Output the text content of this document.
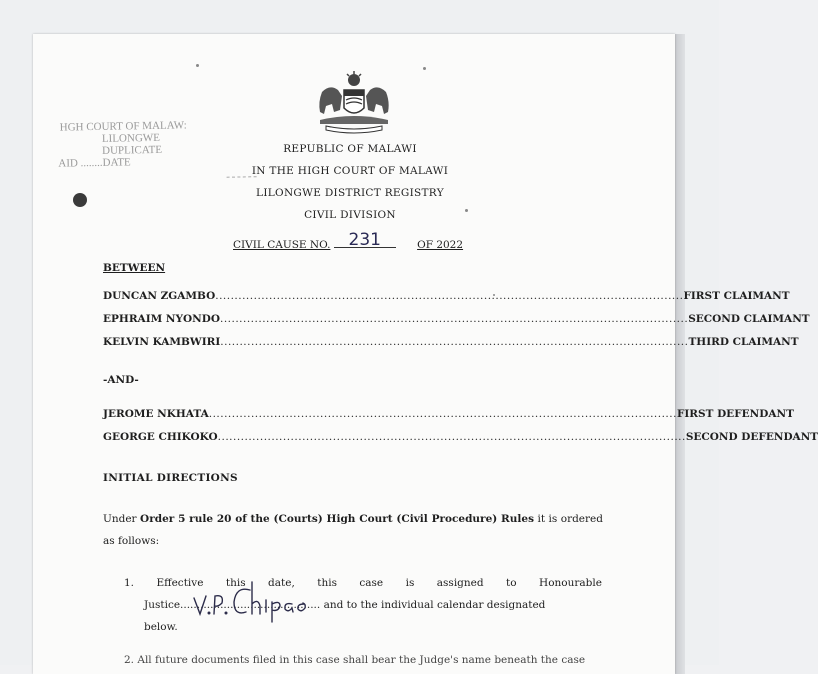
HGH COURT OF MALAW:
LILONGWE
DUPLICATE
AID ........DATE
REPUBLIC OF MALAWI
IN THE HIGH COURT OF MALAWI
LILONGWE DISTRICT REGISTRY
CIVIL DIVISION
CIVIL CAUSE NO. 231	OF 2022
BETWEEN
DUNCAN ZGAMBO .......................................................................................................................... FIRST CLAIMANT
EPHRAIM NYONDO .......................................................................................................................... SECOND CLAIMANT
KELVIN KAMBWIRI .......................................................................................................................... THIRD CLAIMANT
-AND-
JEROME NKHATA .......................................................................................................................... FIRST DEFENDANT
GEORGE CHIKOKO .......................................................................................................................... SECOND DEFENDANT
INITIAL DIRECTIONS
Under Order 5 rule 20 of the (Courts) High Court (Civil Procedure) Rules it is ordered as follows:
1. Effective this date, this case is assigned to Honourable
Justice.......................................... and to the individual calendar designated
below.
2. All future documents filed in this case shall bear the Judge's name beneath the case
